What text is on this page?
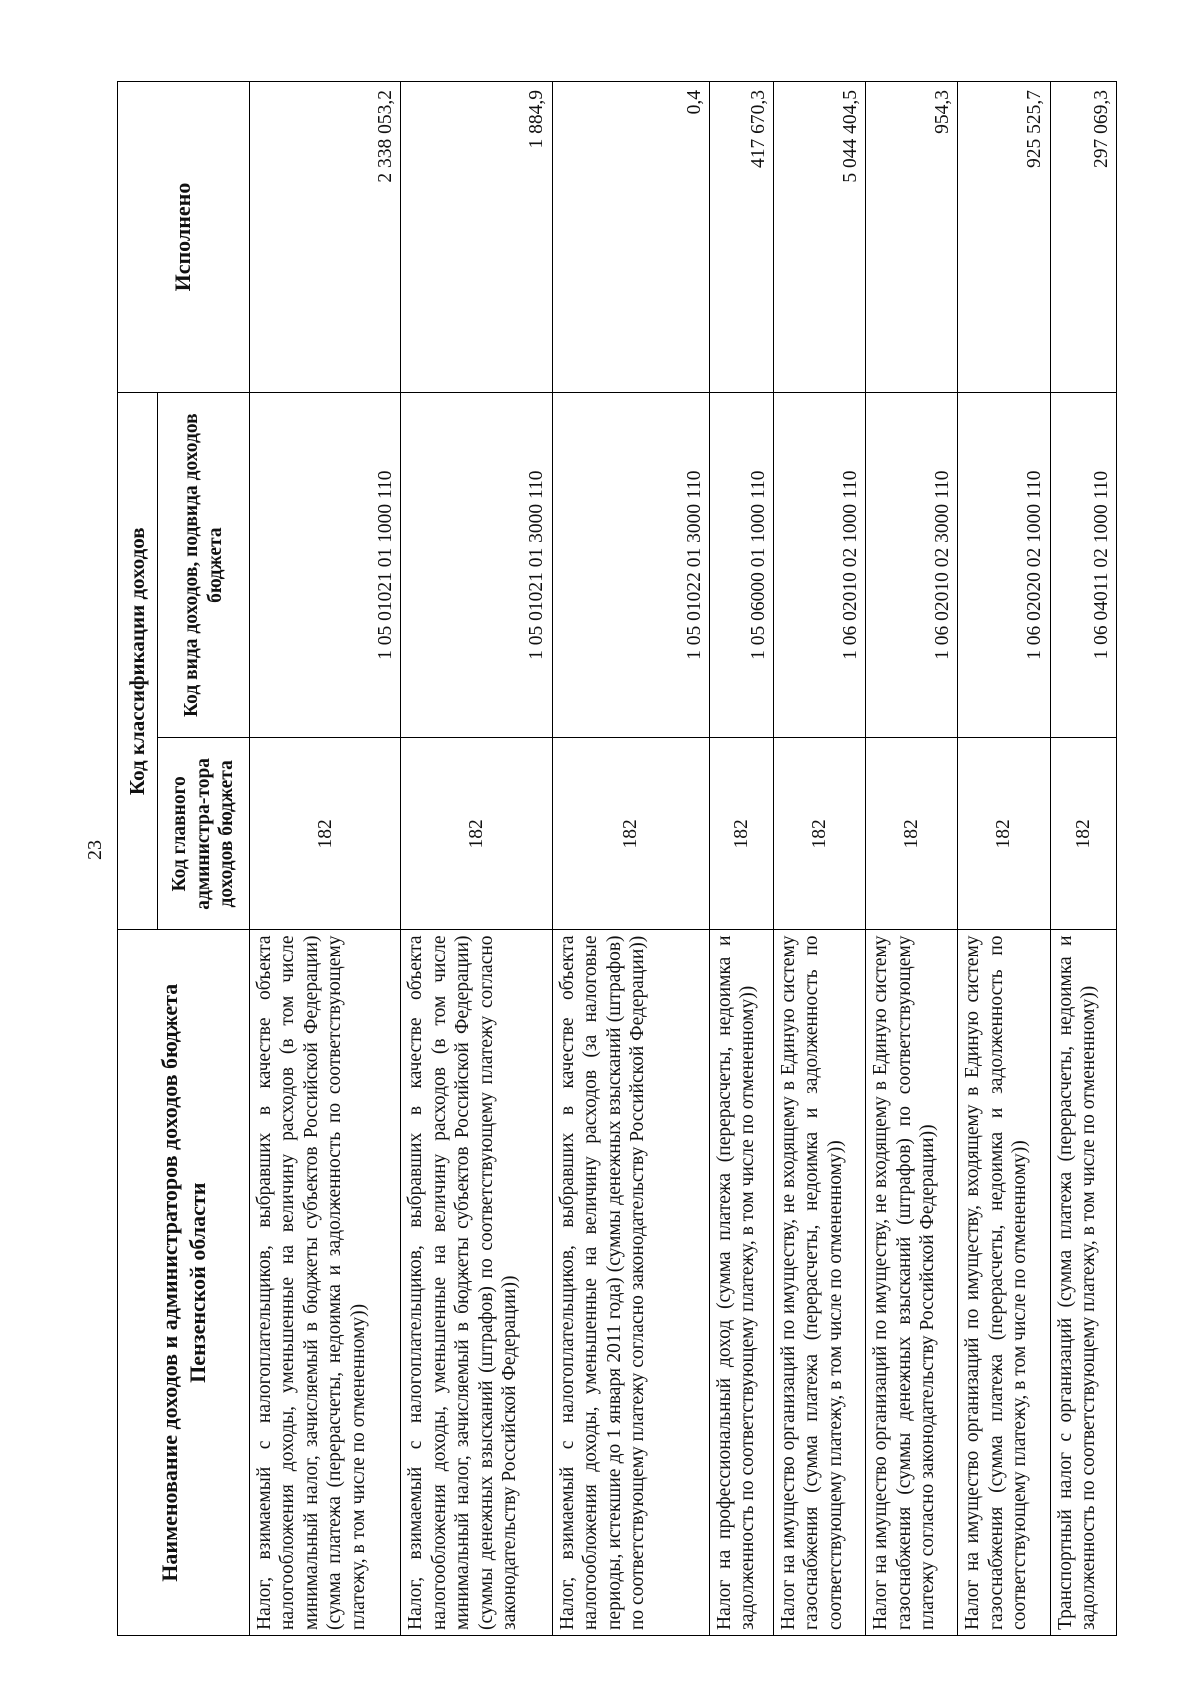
23
Наименование доходов и администраторов доходов бюджета Пензенской области	Код классификации доходов		Исполнено
	Код главного администра-тора доходов бюджета	Код вида доходов, подвида доходов бюджета	
Налог, взимаемый с налогоплательщиков, выбравших в качестве объекта налогообложения доходы, уменьшенные на величину расходов (в том числе минимальный налог, зачисляемый в бюджеты субъектов Российской Федерации) (сумма платежа (перерасчеты, недоимка и задолженность по соответствующему платежу, в том числе по отмененному))	182	1 05 01021 01 1000 110	2 338 053,2
Налог, взимаемый с налогоплательщиков, выбравших в качестве объекта налогообложения доходы, уменьшенные на величину расходов (в том числе минимальный налог, зачисляемый в бюджеты субъектов Российской Федерации) (суммы денежных взысканий (штрафов) по соответствующему платежу согласно законодательству Российской Федерации))	182	1 05 01021 01 3000 110	1 884,9
Налог, взимаемый с налогоплательщиков, выбравших в качестве объекта налогообложения доходы, уменьшенные на величину расходов (за налоговые периоды, истекшие до 1 января 2011 года) (суммы денежных взысканий (штрафов) по соответствующему платежу согласно законодательству Российской Федерации))	182	1 05 01022 01 3000 110	0,4
Налог на профессиональный доход (сумма платежа (перерасчеты, недоимка и задолженность по соответствующему платежу, в том числе по отмененному))	182	1 05 06000 01 1000 110	417 670,3
Налог на имущество организаций по имуществу, не входящему в Единую систему газоснабжения (сумма платежа (перерасчеты, недоимка и задолженность по соответствующему платежу, в том числе по отмененному))	182	1 06 02010 02 1000 110	5 044 404,5
Налог на имущество организаций по имуществу, не входящему в Единую систему газоснабжения (суммы денежных взысканий (штрафов) по соответствующему платежу согласно законодательству Российской Федерации))	182	1 06 02010 02 3000 110	954,3
Налог на имущество организаций по имуществу, входящему в Единую систему газоснабжения (сумма платежа (перерасчеты, недоимка и задолженность по соответствующему платежу, в том числе по отмененному))	182	1 06 02020 02 1000 110	925 525,7
Транспортный налог с организаций (сумма платежа (перерасчеты, недоимка и задолженность по соответствующему платежу, в том числе по отмененному))	182	1 06 04011 02 1000 110	297 069,3
